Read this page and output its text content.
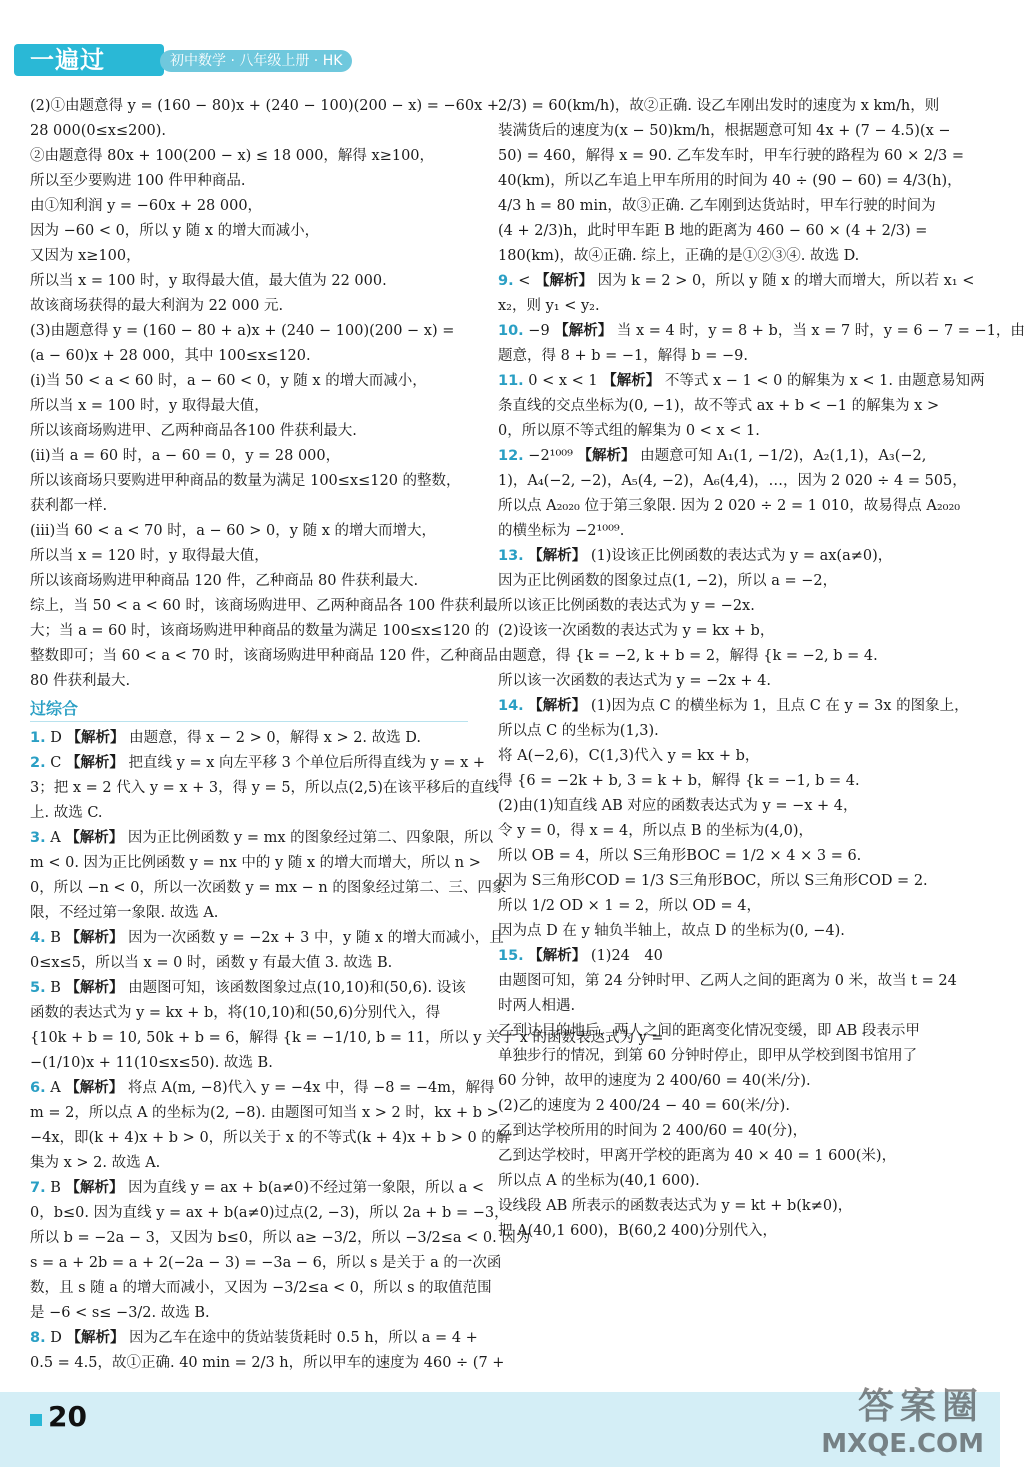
一遍过	初中数学 · 八年级上册 · HK
(2)①由题意得 y = (160 − 80)x + (240 − 100)(200 − x) = −60x +
28 000(0≤x≤200).
②由题意得 80x + 100(200 − x) ≤ 18 000，解得 x≥100，
所以至少要购进 100 件甲种商品.
由①知利润 y = −60x + 28 000，
因为 −60 < 0，所以 y 随 x 的增大而减小，
又因为 x≥100，
所以当 x = 100 时，y 取得最大值，最大值为 22 000.
故该商场获得的最大利润为 22 000 元.
(3)由题意得 y = (160 − 80 + a)x + (240 − 100)(200 − x) =
(a − 60)x + 28 000，其中 100≤x≤120.
(ⅰ)当 50 < a < 60 时，a − 60 < 0，y 随 x 的增大而减小，
所以当 x = 100 时，y 取得最大值，
所以该商场购进甲、乙两种商品各100 件获利最大.
(ⅱ)当 a = 60 时，a − 60 = 0，y = 28 000，
所以该商场只要购进甲种商品的数量为满足 100≤x≤120 的整数，
获利都一样.
(ⅲ)当 60 < a < 70 时，a − 60 > 0，y 随 x 的增大而增大，
所以当 x = 120 时，y 取得最大值，
所以该商场购进甲种商品 120 件，乙种商品 80 件获利最大.
综上，当 50 < a < 60 时，该商场购进甲、乙两种商品各 100 件获利最
大；当 a = 60 时，该商场购进甲种商品的数量为满足 100≤x≤120 的
整数即可；当 60 < a < 70 时，该商场购进甲种商品 120 件，乙种商品
80 件获利最大.
过综合
1. D 【解析】 由题意，得 x − 2 > 0，解得 x > 2. 故选 D.
2. C 【解析】 把直线 y = x 向左平移 3 个单位后所得直线为 y = x +
3；把 x = 2 代入 y = x + 3，得 y = 5，所以点(2,5)在该平移后的直线
上. 故选 C.
3. A 【解析】 因为正比例函数 y = mx 的图象经过第二、四象限，所以
m < 0. 因为正比例函数 y = nx 中的 y 随 x 的增大而增大，所以 n >
0，所以 −n < 0，所以一次函数 y = mx − n 的图象经过第二、三、四象
限，不经过第一象限. 故选 A.
4. B 【解析】 因为一次函数 y = −2x + 3 中，y 随 x 的增大而减小，且
0≤x≤5，所以当 x = 0 时，函数 y 有最大值 3. 故选 B.
5. B 【解析】 由题图可知，该函数图象过点(10,10)和(50,6). 设该
函数的表达式为 y = kx + b，将(10,10)和(50,6)分别代入，得
{10k + b = 10, 50k + b = 6，解得 {k = −1/10, b = 11，所以 y 关于 x 的函数表达式为 y =
−(1/10)x + 11(10≤x≤50). 故选 B.
6. A 【解析】 将点 A(m, −8)代入 y = −4x 中，得 −8 = −4m，解得
m = 2，所以点 A 的坐标为(2, −8). 由题图可知当 x > 2 时，kx + b >
−4x，即(k + 4)x + b > 0，所以关于 x 的不等式(k + 4)x + b > 0 的解
集为 x > 2. 故选 A.
7. B 【解析】 因为直线 y = ax + b(a≠0)不经过第一象限，所以 a <
0，b≤0. 因为直线 y = ax + b(a≠0)过点(2, −3)，所以 2a + b = −3，
所以 b = −2a − 3，又因为 b≤0，所以 a≥ −3/2，所以 −3/2≤a < 0. 因为
s = a + 2b = a + 2(−2a − 3) = −3a − 6，所以 s 是关于 a 的一次函
数，且 s 随 a 的增大而减小，又因为 −3/2≤a < 0，所以 s 的取值范围
是 −6 < s≤ −3/2. 故选 B.
8. D 【解析】 因为乙车在途中的货站装货耗时 0.5 h，所以 a = 4 +
0.5 = 4.5，故①正确. 40 min = 2/3 h，所以甲车的速度为 460 ÷ (7 +
2/3) = 60(km/h)，故②正确. 设乙车刚出发时的速度为 x km/h，则
装满货后的速度为(x − 50)km/h，根据题意可知 4x + (7 − 4.5)(x −
50) = 460，解得 x = 90. 乙车发车时，甲车行驶的路程为 60 × 2/3 =
40(km)，所以乙车追上甲车所用的时间为 40 ÷ (90 − 60) = 4/3(h)，
4/3 h = 80 min，故③正确. 乙车刚到达货站时，甲车行驶的时间为
(4 + 2/3)h，此时甲车距 B 地的距离为 460 − 60 × (4 + 2/3) =
180(km)，故④正确. 综上，正确的是①②③④. 故选 D.
9. < 【解析】 因为 k = 2 > 0，所以 y 随 x 的增大而增大，所以若 x₁ <
x₂，则 y₁ < y₂.
10. −9 【解析】 当 x = 4 时，y = 8 + b，当 x = 7 时，y = 6 − 7 = −1，由
题意，得 8 + b = −1，解得 b = −9.
11. 0 < x < 1 【解析】 不等式 x − 1 < 0 的解集为 x < 1. 由题意易知两
条直线的交点坐标为(0, −1)，故不等式 ax + b < −1 的解集为 x >
0，所以原不等式组的解集为 0 < x < 1.
12. −2¹⁰⁰⁹ 【解析】 由题意可知 A₁(1, −1/2)，A₂(1,1)，A₃(−2,
1)，A₄(−2, −2)，A₅(4, −2)，A₆(4,4)，…，因为 2 020 ÷ 4 = 505，
所以点 A₂₀₂₀ 位于第三象限. 因为 2 020 ÷ 2 = 1 010，故易得点 A₂₀₂₀
的横坐标为 −2¹⁰⁰⁹.
13. 【解析】 (1)设该正比例函数的表达式为 y = ax(a≠0)，
因为正比例函数的图象过点(1, −2)，所以 a = −2，
所以该正比例函数的表达式为 y = −2x.
(2)设该一次函数的表达式为 y = kx + b，
由题意，得 {k = −2, k + b = 2，解得 {k = −2, b = 4.
所以该一次函数的表达式为 y = −2x + 4.
14. 【解析】 (1)因为点 C 的横坐标为 1，且点 C 在 y = 3x 的图象上，
所以点 C 的坐标为(1,3).
将 A(−2,6)，C(1,3)代入 y = kx + b，
得 {6 = −2k + b, 3 = k + b，解得 {k = −1, b = 4.
(2)由(1)知直线 AB 对应的函数表达式为 y = −x + 4，
令 y = 0，得 x = 4，所以点 B 的坐标为(4,0)，
所以 OB = 4，所以 S三角形BOC = 1/2 × 4 × 3 = 6.
因为 S三角形COD = 1/3 S三角形BOC，所以 S三角形COD = 2.
所以 1/2 OD × 1 = 2，所以 OD = 4，
因为点 D 在 y 轴负半轴上，故点 D 的坐标为(0, −4).
15. 【解析】 (1)24　40
由题图可知，第 24 分钟时甲、乙两人之间的距离为 0 米，故当 t = 24
时两人相遇.
乙到达目的地后，两人之间的距离变化情况变缓，即 AB 段表示甲
单独步行的情况，到第 60 分钟时停止，即甲从学校到图书馆用了
60 分钟，故甲的速度为 2 400/60 = 40(米/分).
(2)乙的速度为 2 400/24 − 40 = 60(米/分).
乙到达学校所用的时间为 2 400/60 = 40(分)，
乙到达学校时，甲离开学校的距离为 40 × 40 = 1 600(米)，
所以点 A 的坐标为(40,1 600).
设线段 AB 所表示的函数表达式为 y = kt + b(k≠0)，
把 A(40,1 600)，B(60,2 400)分别代入，
20	答案圈
MXQE.COM
